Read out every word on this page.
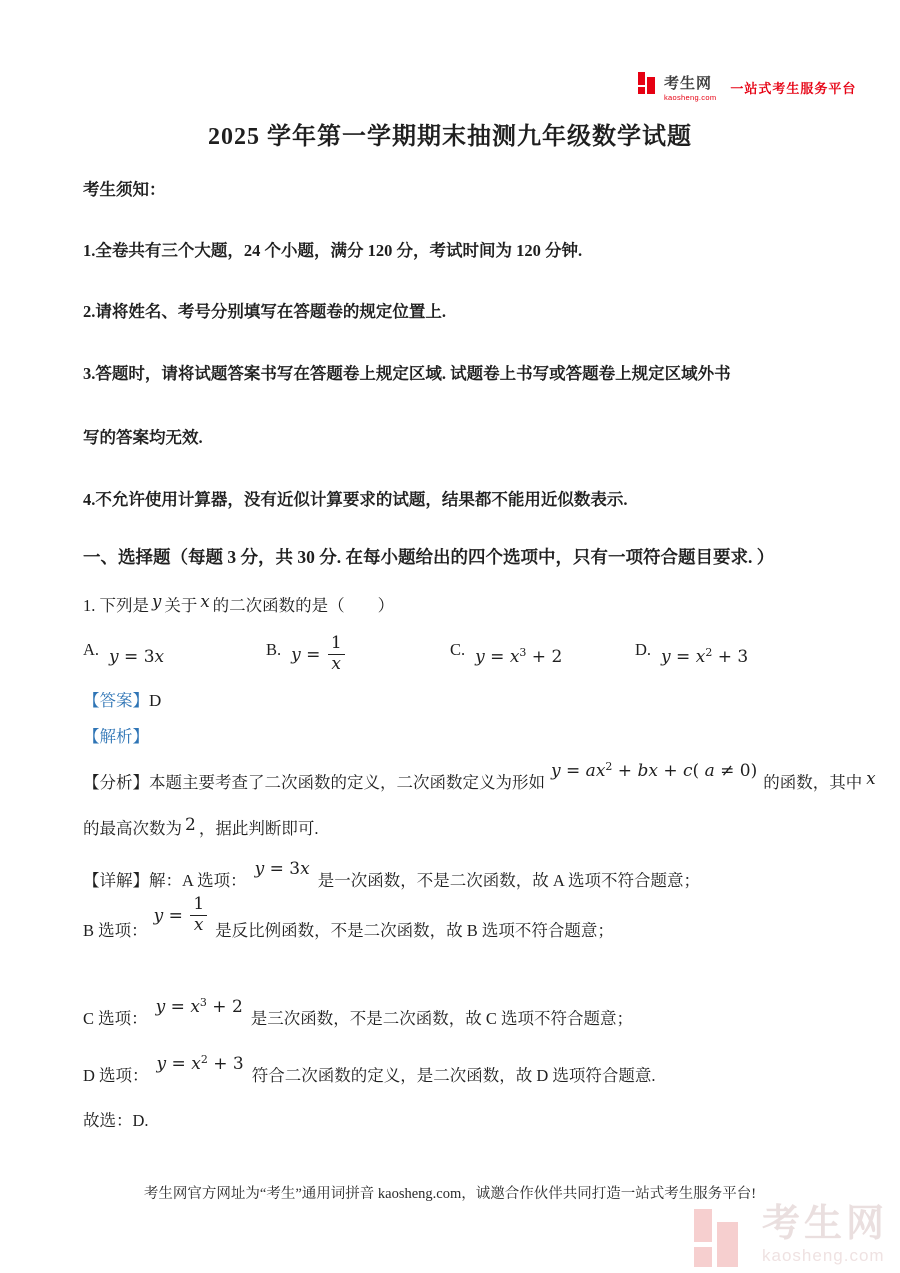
考生网
kaosheng.com
一站式考生服务平台
2025 学年第一学期期末抽测九年级数学试题
考生须知：
1.全卷共有三个大题，24 个小题，满分 120 分，考试时间为 120 分钟.
2.请将姓名、考号分别填写在答题卷的规定位置上.
3.答题时，请将试题答案书写在答题卷上规定区域. 试题卷上书写或答题卷上规定区域外书
写的答案均无效.
4.不允许使用计算器，没有近似计算要求的试题，结果都不能用近似数表示.
一、选择题（每题 3 分，共 30 分. 在每小题给出的四个选项中，只有一项符合题目要求. ）
1. 下列是 y 关于 x 的二次函数的是（　　）
A. y = 3x	B. $y = \frac{1}{x}$	C. $y = x^3 + 2$	D. $y = x^2 + 3$
【答案】D
【解析】
【分析】本题主要考查了二次函数的定义，二次函数定义为形如$y = ax^2$ + bx + c( a ≠ 0)的函数，其中 x
的最高次数为 2 ，据此判断即可.
【详解】解：A 选项：y = 3x是一次函数，不是二次函数，故 A 选项不符合题意；
B 选项：
$y = \frac{1}{x}$ 是反比例函数，不是二次函数，故 B 选项不符合题意；
C 选项：$y = x^3 + 2$是三次函数，不是二次函数，故 C 选项不符合题意；
D 选项：$y = x^2 + 3$符合二次函数的定义，是二次函数，故 D 选项符合题意.
故选：D.
考生网官方网址为“考生”通用词拼音 kaosheng.com，诚邀合作伙伴共同打造一站式考生服务平台!
考生网
kaosheng.com
